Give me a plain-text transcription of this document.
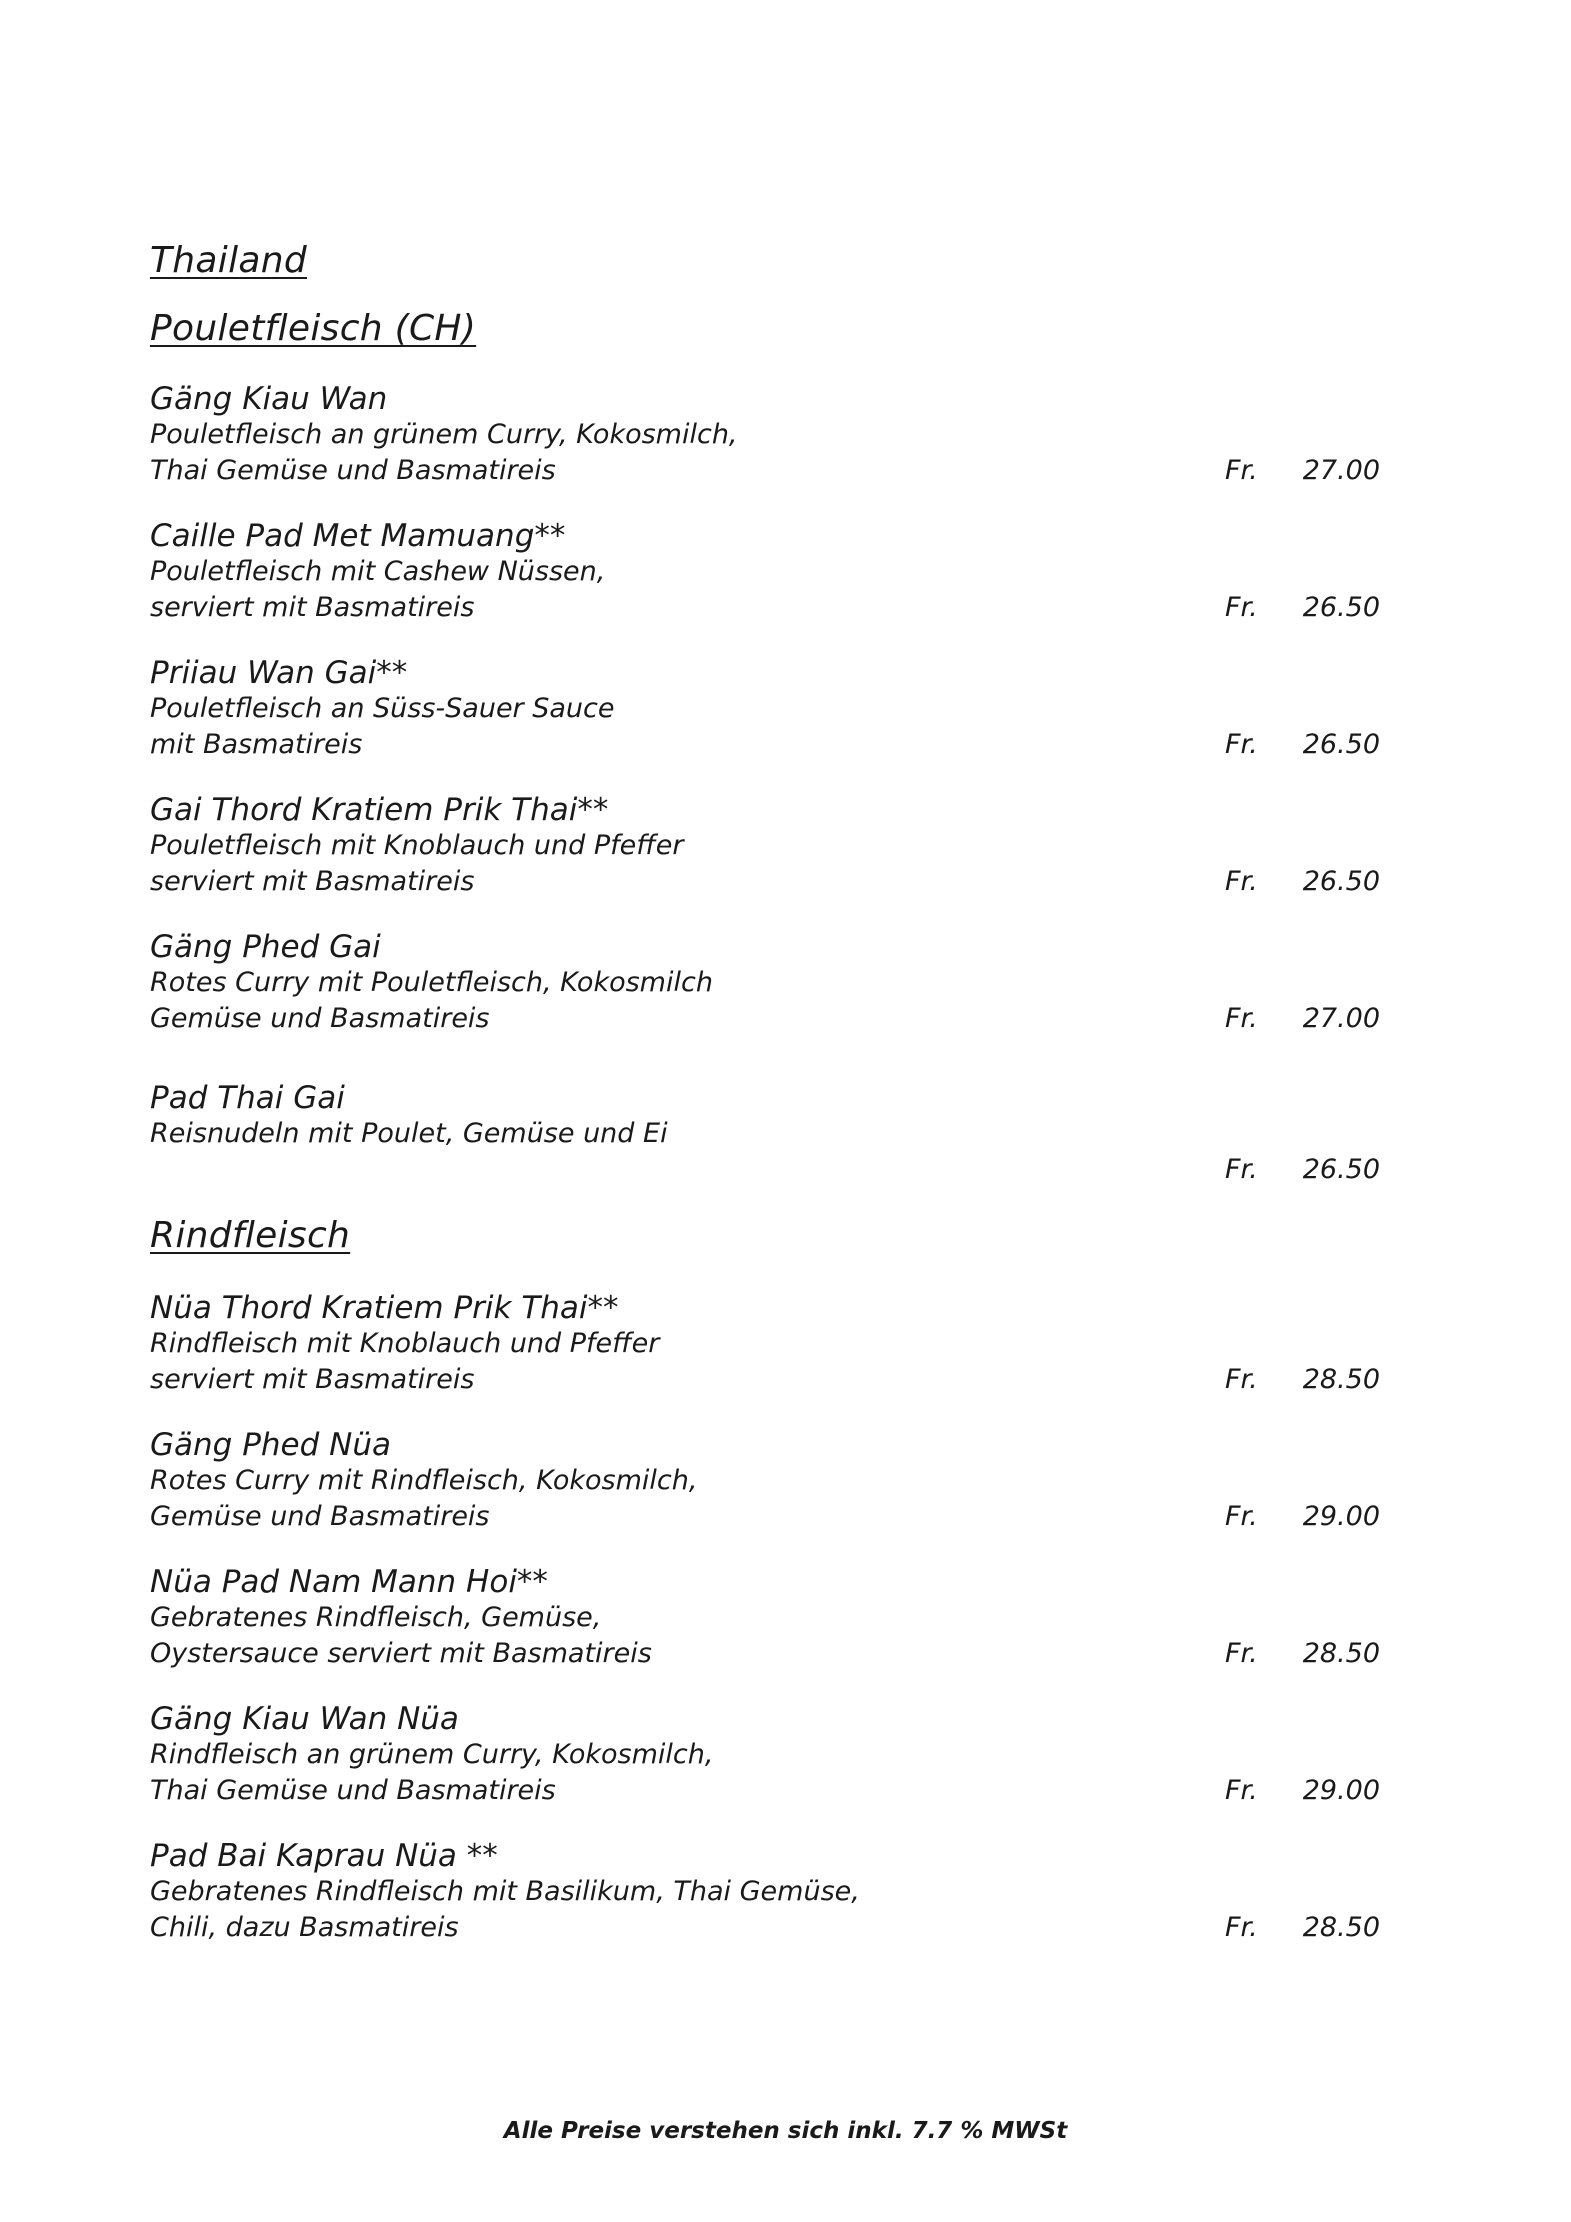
Thailand
Pouletfleisch (CH)
Gäng Kiau Wan
Pouletfleisch an grünem Curry, Kokosmilch,
Thai Gemüse und Basmatireis	Fr.	27.00
Caille Pad Met Mamuang**
Pouletfleisch mit Cashew Nüssen,
serviert mit Basmatireis	Fr.	26.50
Priiau Wan Gai**
Pouletfleisch an Süss-Sauer Sauce
mit Basmatireis	Fr.	26.50
Gai Thord Kratiem Prik Thai**
Pouletfleisch mit Knoblauch und Pfeffer
serviert mit Basmatireis	Fr.	26.50
Gäng Phed Gai
Rotes Curry mit Pouletfleisch, Kokosmilch
Gemüse und Basmatireis	Fr.	27.00
Pad Thai Gai
Reisnudeln mit Poulet, Gemüse und Ei
Fr.	26.50
Rindfleisch
Nüa Thord Kratiem Prik Thai**
Rindfleisch mit Knoblauch und Pfeffer
serviert mit Basmatireis	Fr.	28.50
Gäng Phed Nüa
Rotes Curry mit Rindfleisch, Kokosmilch,
Gemüse und Basmatireis	Fr.	29.00
Nüa Pad Nam Mann Hoi**
Gebratenes Rindfleisch, Gemüse,
Oystersauce serviert mit Basmatireis	Fr.	28.50
Gäng Kiau Wan Nüa
Rindfleisch an grünem Curry, Kokosmilch,
Thai Gemüse und Basmatireis	Fr.	29.00
Pad Bai Kaprau Nüa **
Gebratenes Rindfleisch mit Basilikum, Thai Gemüse,
Chili, dazu Basmatireis	Fr.	28.50
Alle Preise verstehen sich inkl. 7.7 % MWSt
